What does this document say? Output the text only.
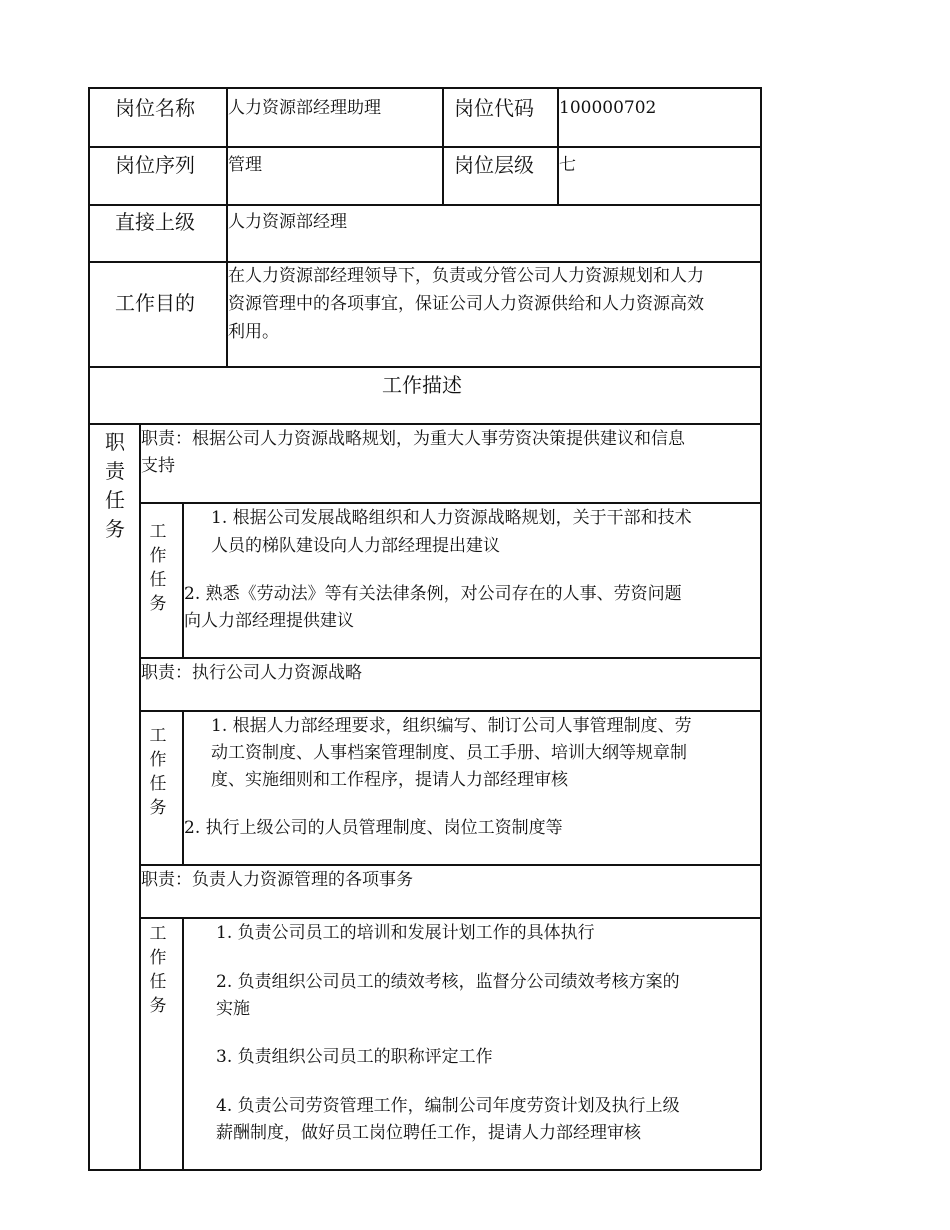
岗位名称 人力资源部经理助理	岗位代码 100000702
岗位序列 管理	岗位层级 七
直接上级 人力资源部经理
工作目的
在人力资源部经理领导下，负责或分管公司人力资源规划和人力
资源管理中的各项事宜，保证公司人力资源供给和人力资源高效
利用。
工作描述
职责任务 工作任务
工作任务
工作任务
职责：根据公司人力资源战略规划，为重大人事劳资决策提供建议和信息
支持
1. 根据公司发展战略组织和人力资源战略规划，关于干部和技术
人员的梯队建设向人力部经理提出建议
2. 熟悉《劳动法》等有关法律条例，对公司存在的人事、劳资问题
向人力部经理提供建议
职责：执行公司人力资源战略
1. 根据人力部经理要求，组织编写、制订公司人事管理制度、劳
动工资制度、人事档案管理制度、员工手册、培训大纲等规章制
度、实施细则和工作程序，提请人力部经理审核
2. 执行上级公司的人员管理制度、岗位工资制度等
职责：负责人力资源管理的各项事务
1. 负责公司员工的培训和发展计划工作的具体执行
2. 负责组织公司员工的绩效考核，监督分公司绩效考核方案的
实施
3. 负责组织公司员工的职称评定工作
4. 负责公司劳资管理工作，编制公司年度劳资计划及执行上级
薪酬制度，做好员工岗位聘任工作，提请人力部经理审核
